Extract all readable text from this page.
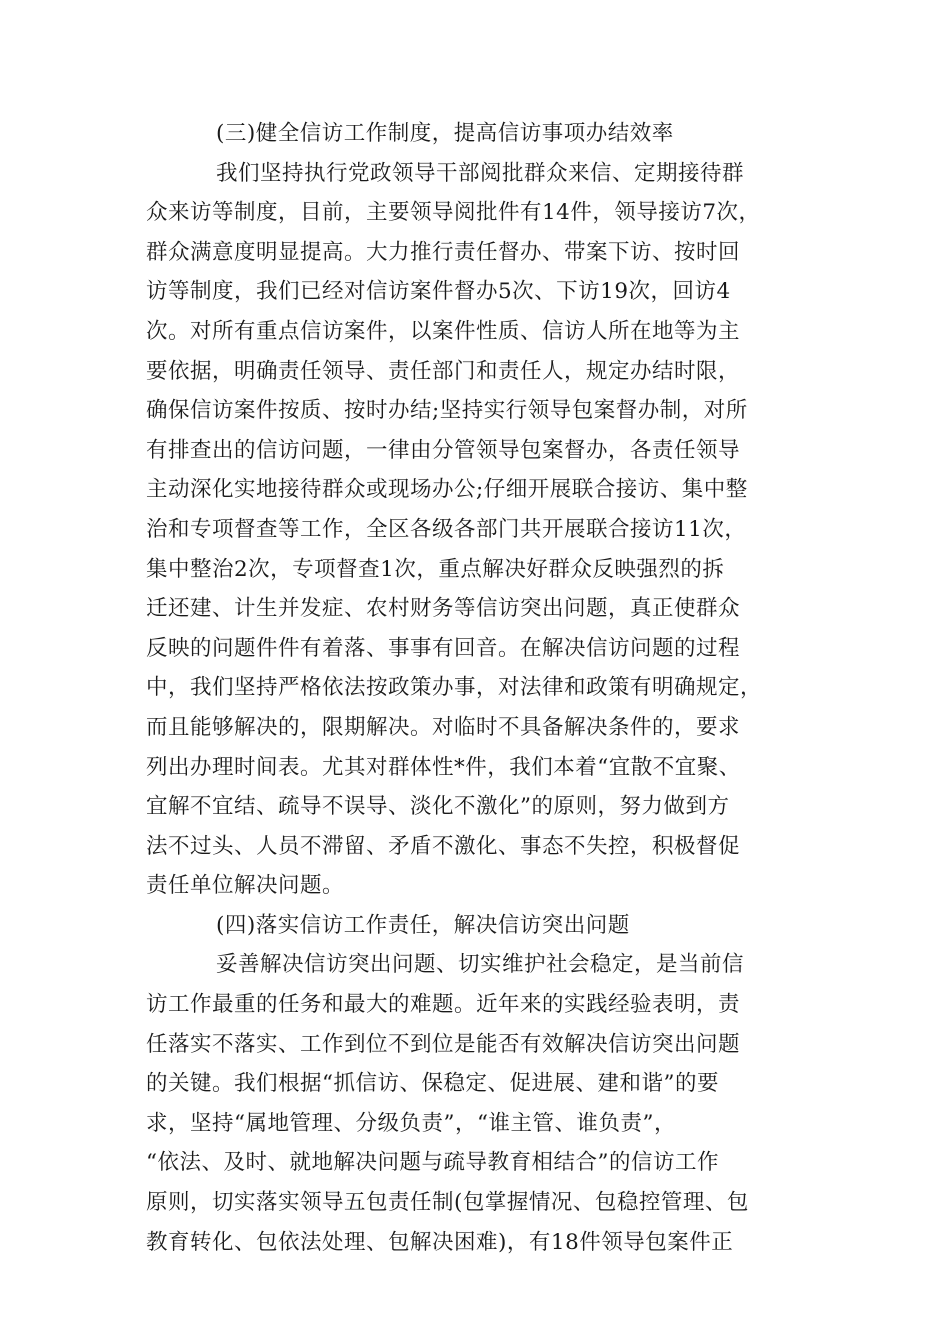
(三)健全信访工作制度，提高信访事项办结效率
我们坚持执行党政领导干部阅批群众来信、定期接待群
众来访等制度，目前，主要领导阅批件有14件，领导接访7次，
群众满意度明显提高。大力推行责任督办、带案下访、按时回
访等制度，我们已经对信访案件督办5次、下访19次，回访4
次。对所有重点信访案件，以案件性质、信访人所在地等为主
要依据，明确责任领导、责任部门和责任人，规定办结时限，
确保信访案件按质、按时办结;坚持实行领导包案督办制，对所
有排查出的信访问题，一律由分管领导包案督办，各责任领导
主动深化实地接待群众或现场办公;仔细开展联合接访、集中整
治和专项督查等工作，全区各级各部门共开展联合接访11次，
集中整治2次，专项督查1次，重点解决好群众反映强烈的拆
迁还建、计生并发症、农村财务等信访突出问题，真正使群众
反映的问题件件有着落、事事有回音。在解决信访问题的过程
中，我们坚持严格依法按政策办事，对法律和政策有明确规定，
而且能够解决的，限期解决。对临时不具备解决条件的，要求
列出办理时间表。尤其对群体性*件，我们本着“宜散不宜聚、
宜解不宜结、疏导不误导、淡化不激化”的原则，努力做到方
法不过头、人员不滞留、矛盾不激化、事态不失控，积极督促
责任单位解决问题。
(四)落实信访工作责任，解决信访突出问题
妥善解决信访突出问题、切实维护社会稳定，是当前信
访工作最重的任务和最大的难题。近年来的实践经验表明，责
任落实不落实、工作到位不到位是能否有效解决信访突出问题
的关键。我们根据“抓信访、保稳定、促进展、建和谐”的要
求，坚持“属地管理、分级负责”，“谁主管、谁负责”，
“依法、及时、就地解决问题与疏导教育相结合”的信访工作
原则，切实落实领导五包责任制(包掌握情况、包稳控管理、包
教育转化、包依法处理、包解决困难)，有18件领导包案件正
